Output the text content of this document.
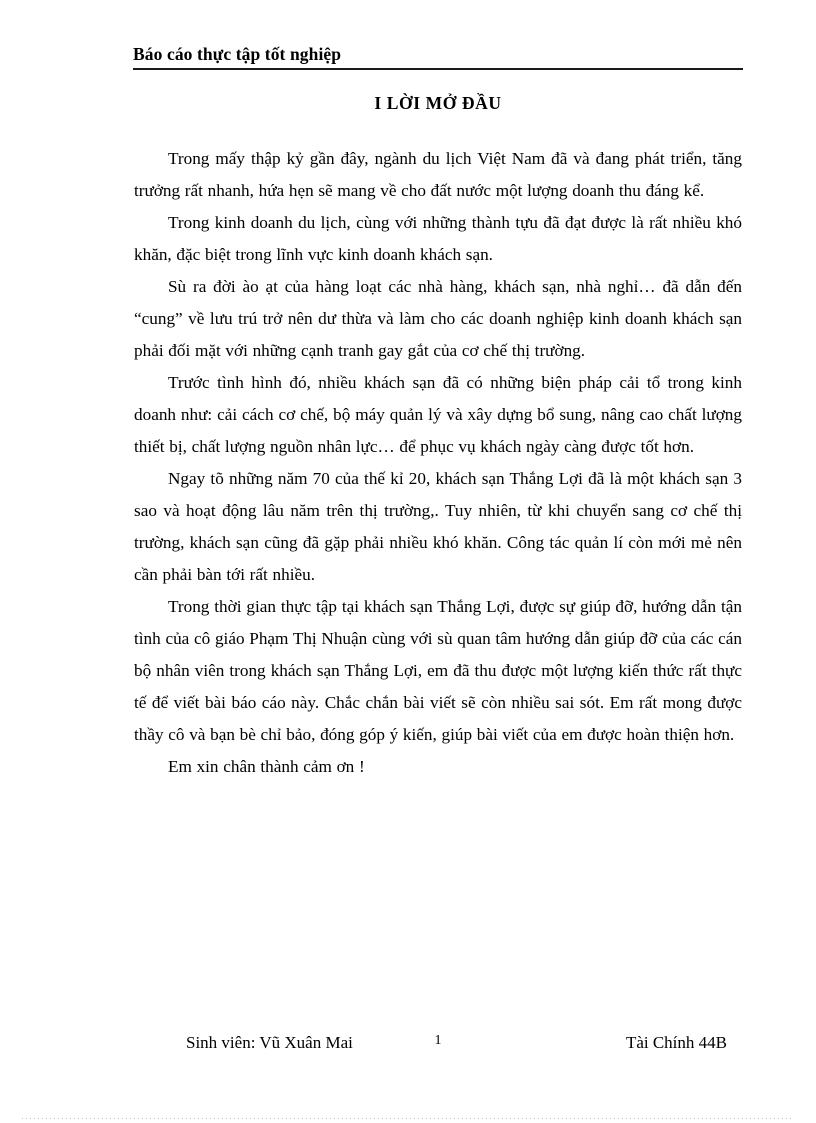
Báo cáo thực tập tốt nghiệp
I LỜI MỞ ĐẦU

Trong mấy thập kỷ gần đây, ngành du lịch Việt Nam đã và đang phát triển, tăng trưởng rất nhanh, hứa hẹn sẽ mang về cho đất nước một lượng doanh thu đáng kể.

Trong kinh doanh du lịch, cùng với những thành tựu đã đạt được là rất nhiều khó khăn, đặc biệt trong lĩnh vực kinh doanh khách sạn.

Sù ra đời ào ạt của hàng loạt các nhà hàng, khách sạn, nhà nghỉ… đã dẫn đến “cung” về lưu trú trở nên dư thừa và làm cho các doanh nghiệp kinh doanh khách sạn phải đối mặt với những cạnh tranh gay gắt của cơ chế thị trường.

Trước tình hình đó, nhiều khách sạn đã có những biện pháp cải tổ trong kinh doanh như: cải cách cơ chế, bộ máy quản lý và xây dựng bổ sung, nâng cao chất lượng thiết bị, chất lượng nguồn nhân lực… để phục vụ khách ngày càng được tốt hơn.

Ngay tõ những năm 70 của thế kỉ 20, khách sạn Thắng Lợi đã là một khách sạn 3 sao và hoạt động lâu năm trên thị trường,. Tuy nhiên, từ khi chuyển sang cơ chế thị trường, khách sạn cũng đã gặp phải nhiều khó khăn. Công tác quản lí còn mới mẻ nên cần phải bàn tới rất nhiều.

Trong thời gian thực tập tại khách sạn Thắng Lợi, được sự giúp đỡ, hướng dẫn tận tình của cô giáo Phạm Thị Nhuận cùng với sù quan tâm hướng dẫn giúp đỡ của các cán bộ nhân viên trong khách sạn Thắng Lợi, em đã thu được một lượng kiến thức rất thực tế để viết bài báo cáo này. Chắc chắn bài viết sẽ còn nhiều sai sót. Em rất mong được thầy cô và bạn bè chỉ bảo, đóng góp ý kiến, giúp bài viết của em được hoàn thiện hơn.

Em xin chân thành cảm ơn !

Sinh viên: Vũ Xuân Mai	1	Tài Chính 44B
